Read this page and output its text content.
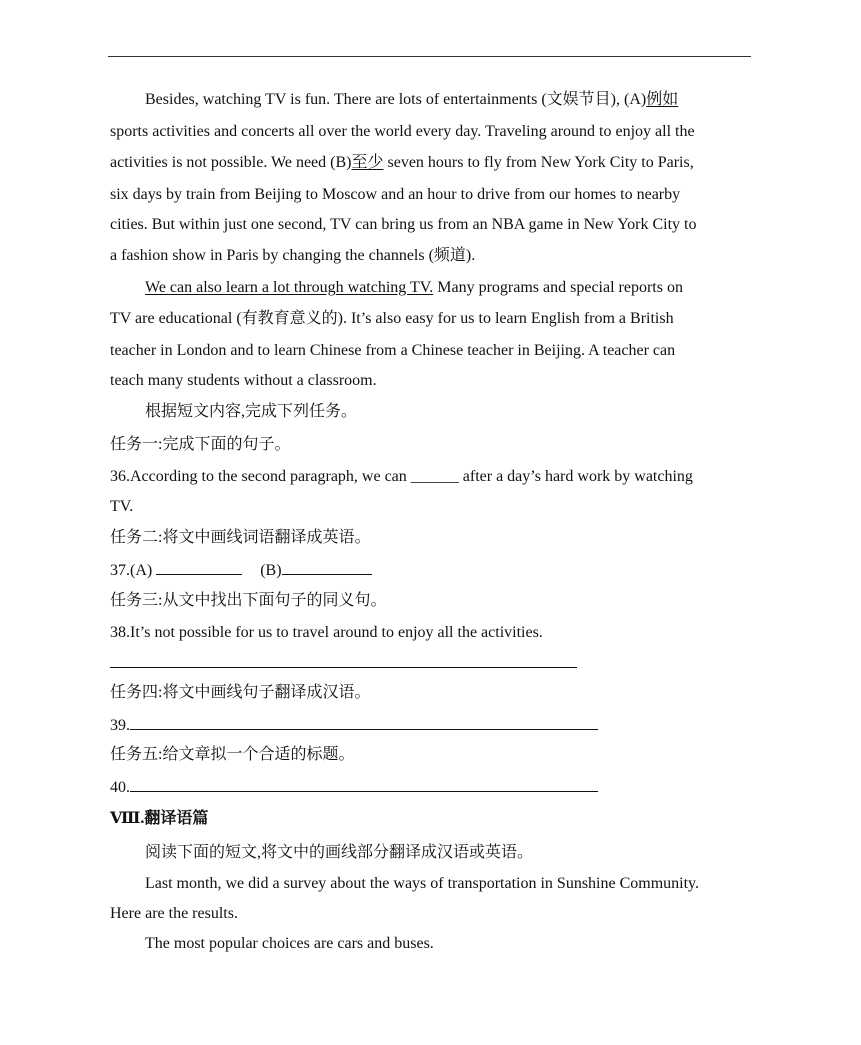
Besides, watching TV is fun. There are lots of entertainments (文娱节目), (A)例如
sports activities and concerts all over the world every day. Traveling around to enjoy all the
activities is not possible. We need (B)至少 seven hours to fly from New York City to Paris,
six days by train from Beijing to Moscow and an hour to drive from our homes to nearby
cities. But within just one second, TV can bring us from an NBA game in New York City to
a fashion show in Paris by changing the channels (频道).
We can also learn a lot through watching TV. Many programs and special reports on
TV are educational (有教育意义的). It’s also easy for us to learn English from a British
teacher in London and to learn Chinese from a Chinese teacher in Beijing. A teacher can
teach many students without a classroom.
根据短文内容,完成下列任务。
任务一:完成下面的句子。
36.According to the second paragraph, we can ______ after a day’s hard work by watching
TV.
任务二:将文中画线词语翻译成英语。
37.(A)	(B)
任务三:从文中找出下面句子的同义句。
38.It’s not possible for us to travel around to enjoy all the activities.
任务四:将文中画线句子翻译成汉语。
39.
任务五:给文章拟一个合适的标题。
40.
Ⅷ.翻译语篇
阅读下面的短文,将文中的画线部分翻译成汉语或英语。
Last month, we did a survey about the ways of transportation in Sunshine Community.
Here are the results.
The most popular choices are cars and buses.
